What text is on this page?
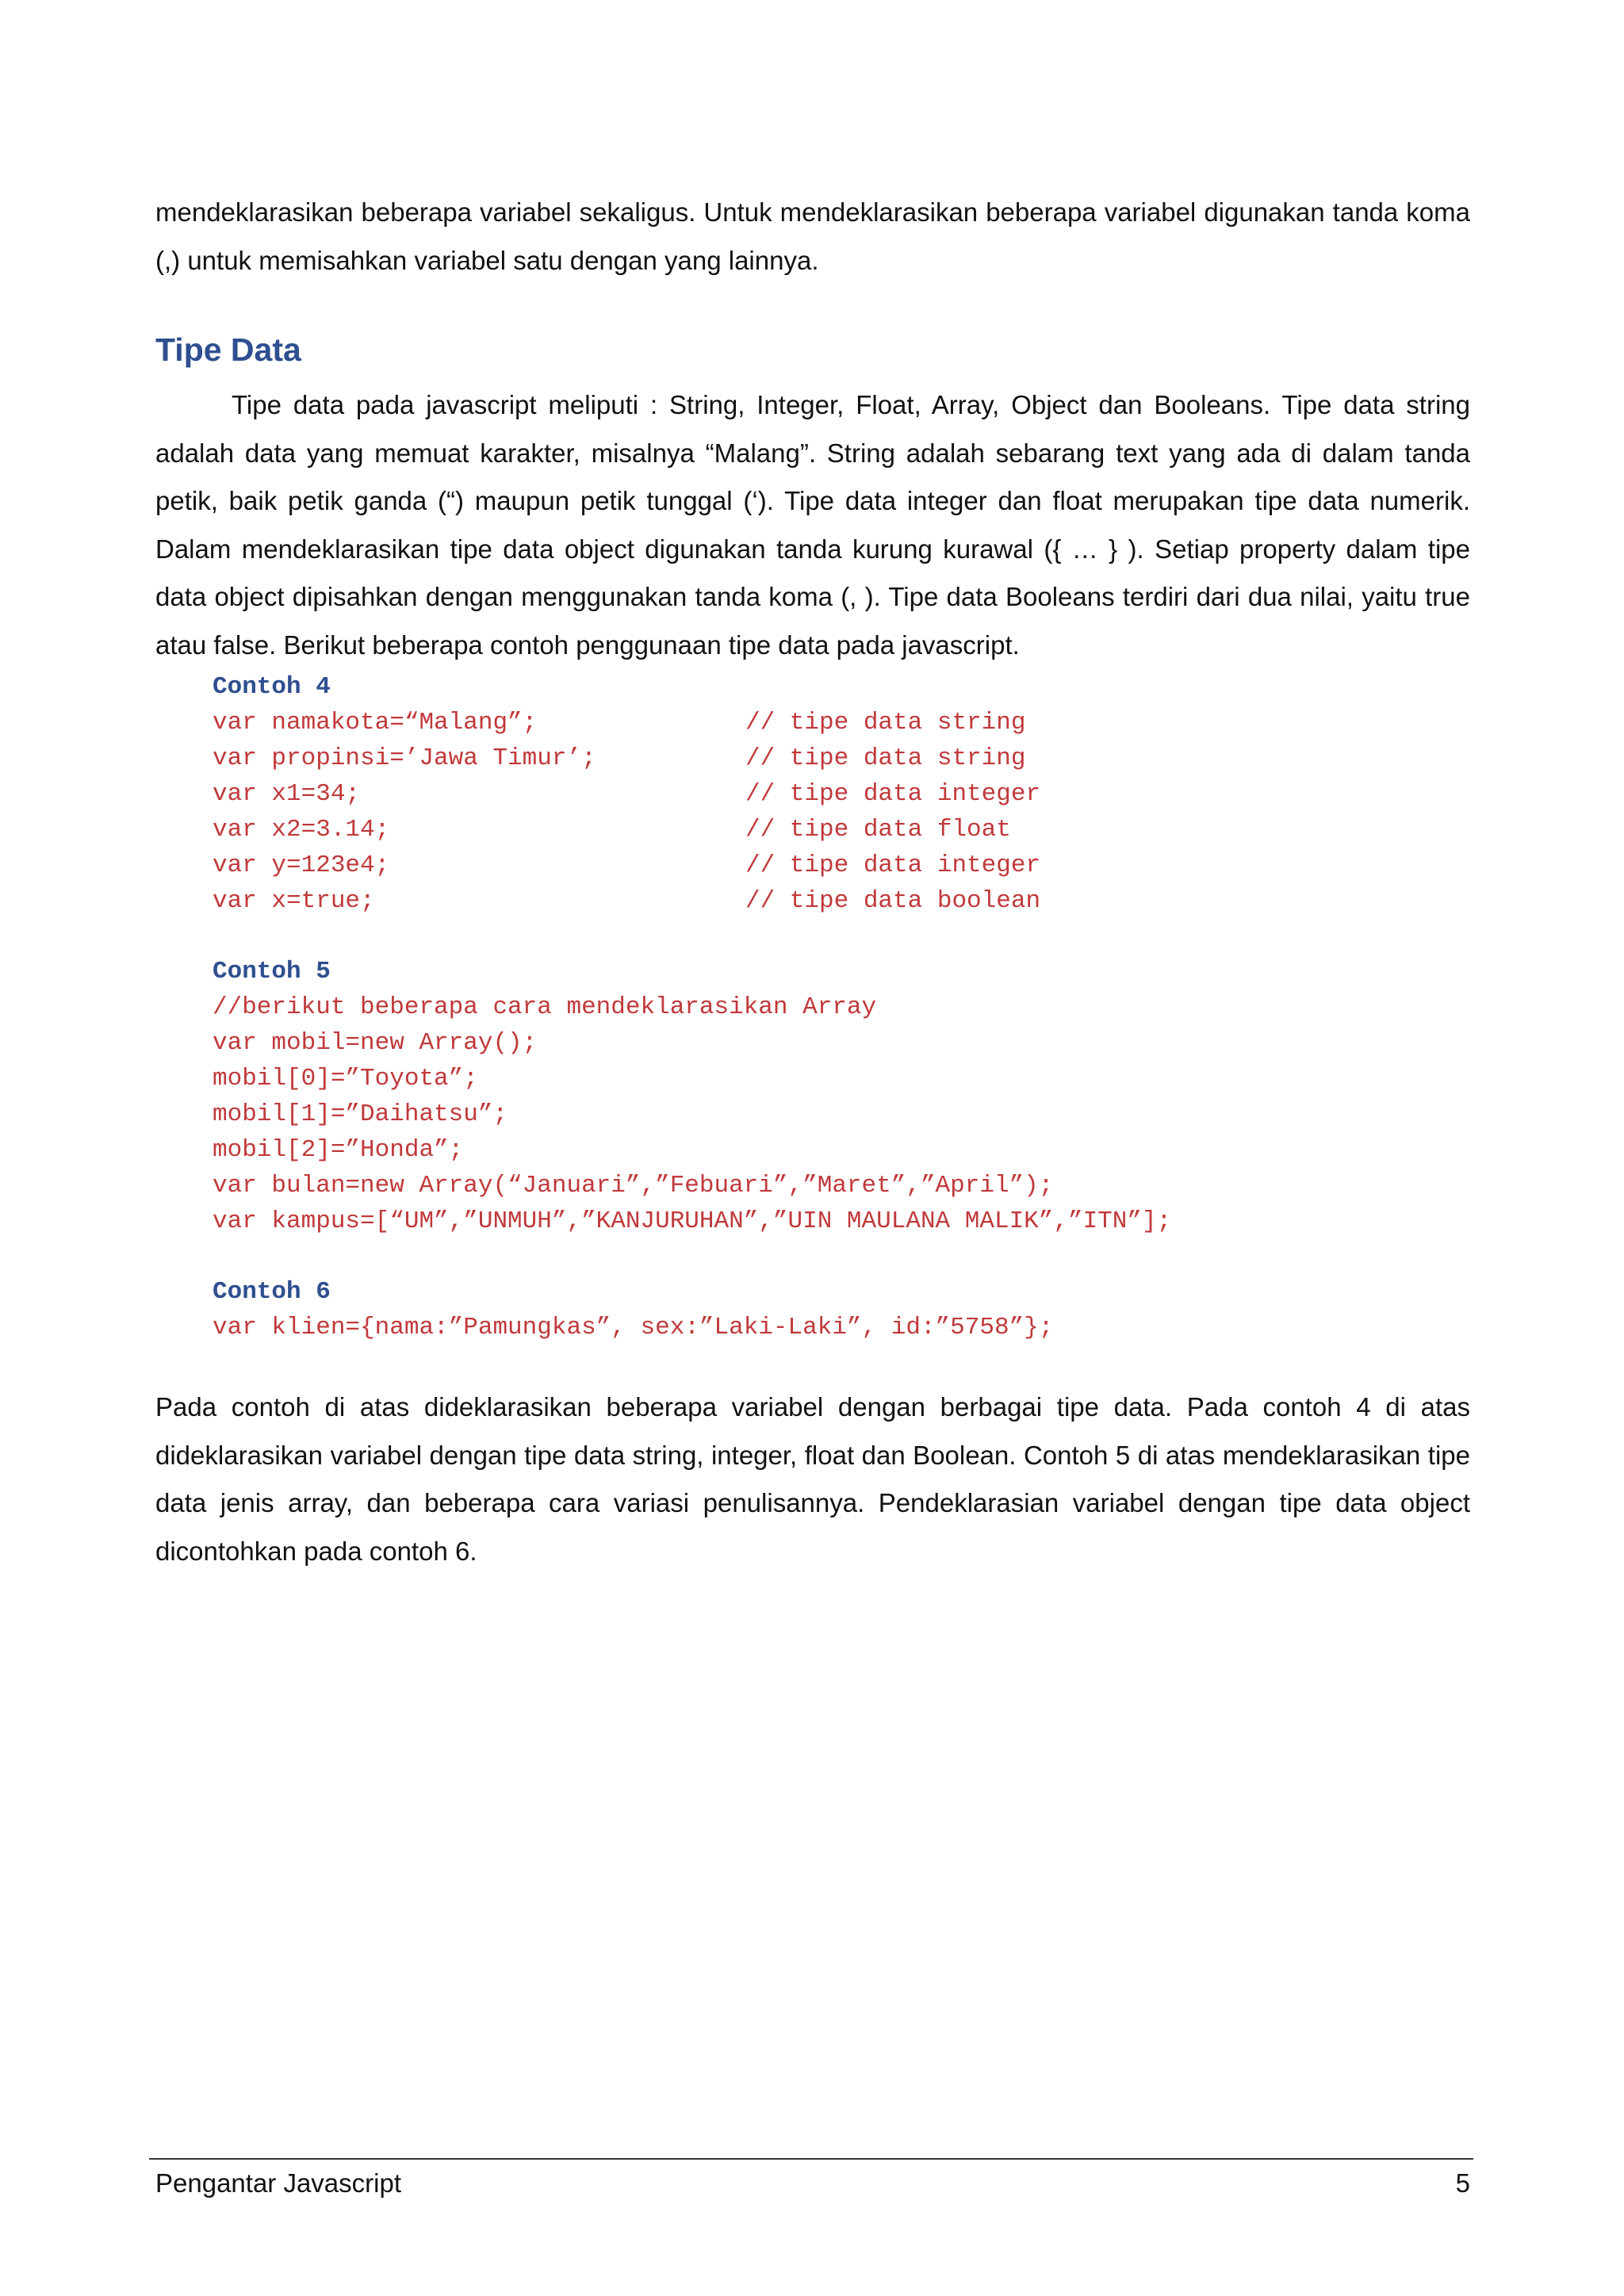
mendeklarasikan beberapa variabel sekaligus. Untuk mendeklarasikan beberapa variabel digunakan tanda koma (,) untuk memisahkan variabel satu dengan yang lainnya.

Tipe Data

Tipe data pada javascript meliputi : String, Integer, Float, Array, Object dan Booleans. Tipe data string adalah data yang memuat karakter, misalnya “Malang”. String adalah sebarang text yang ada di dalam tanda petik, baik petik ganda (“) maupun petik tunggal (‘). Tipe data integer dan float merupakan tipe data numerik. Dalam mendeklarasikan tipe data object digunakan tanda kurung kurawal ({ … } ). Setiap property dalam tipe data object dipisahkan dengan menggunakan tanda koma (, ). Tipe data Booleans terdiri dari dua nilai, yaitu true atau false. Berikut beberapa contoh penggunaan tipe data pada javascript.

Contoh 4
var namakota=“Malang”;	// tipe data string
var propinsi=’Jawa Timur’;	// tipe data string
var x1=34;	// tipe data integer
var x2=3.14;	// tipe data float
var y=123e4;	// tipe data integer
var x=true;	// tipe data boolean
Contoh 5
//berikut beberapa cara mendeklarasikan Array
var mobil=new Array();
mobil[0]=”Toyota”;
mobil[1]=”Daihatsu”;
mobil[2]=”Honda”;
var bulan=new Array(“Januari”,”Febuari”,”Maret”,”April”);
var kampus=[“UM”,”UNMUH”,”KANJURUHAN”,”UIN MAULANA MALIK”,”ITN”];
Contoh 6
var klien={nama:”Pamungkas”, sex:”Laki-Laki”, id:”5758”};

Pada contoh di atas dideklarasikan beberapa variabel dengan berbagai tipe data. Pada contoh 4 di atas dideklarasikan variabel dengan tipe data string, integer, float dan Boolean. Contoh 5 di atas mendeklarasikan tipe data jenis array, dan beberapa cara variasi penulisannya. Pendeklarasian variabel dengan tipe data object dicontohkan pada contoh 6.

Pengantar Javascript	5
